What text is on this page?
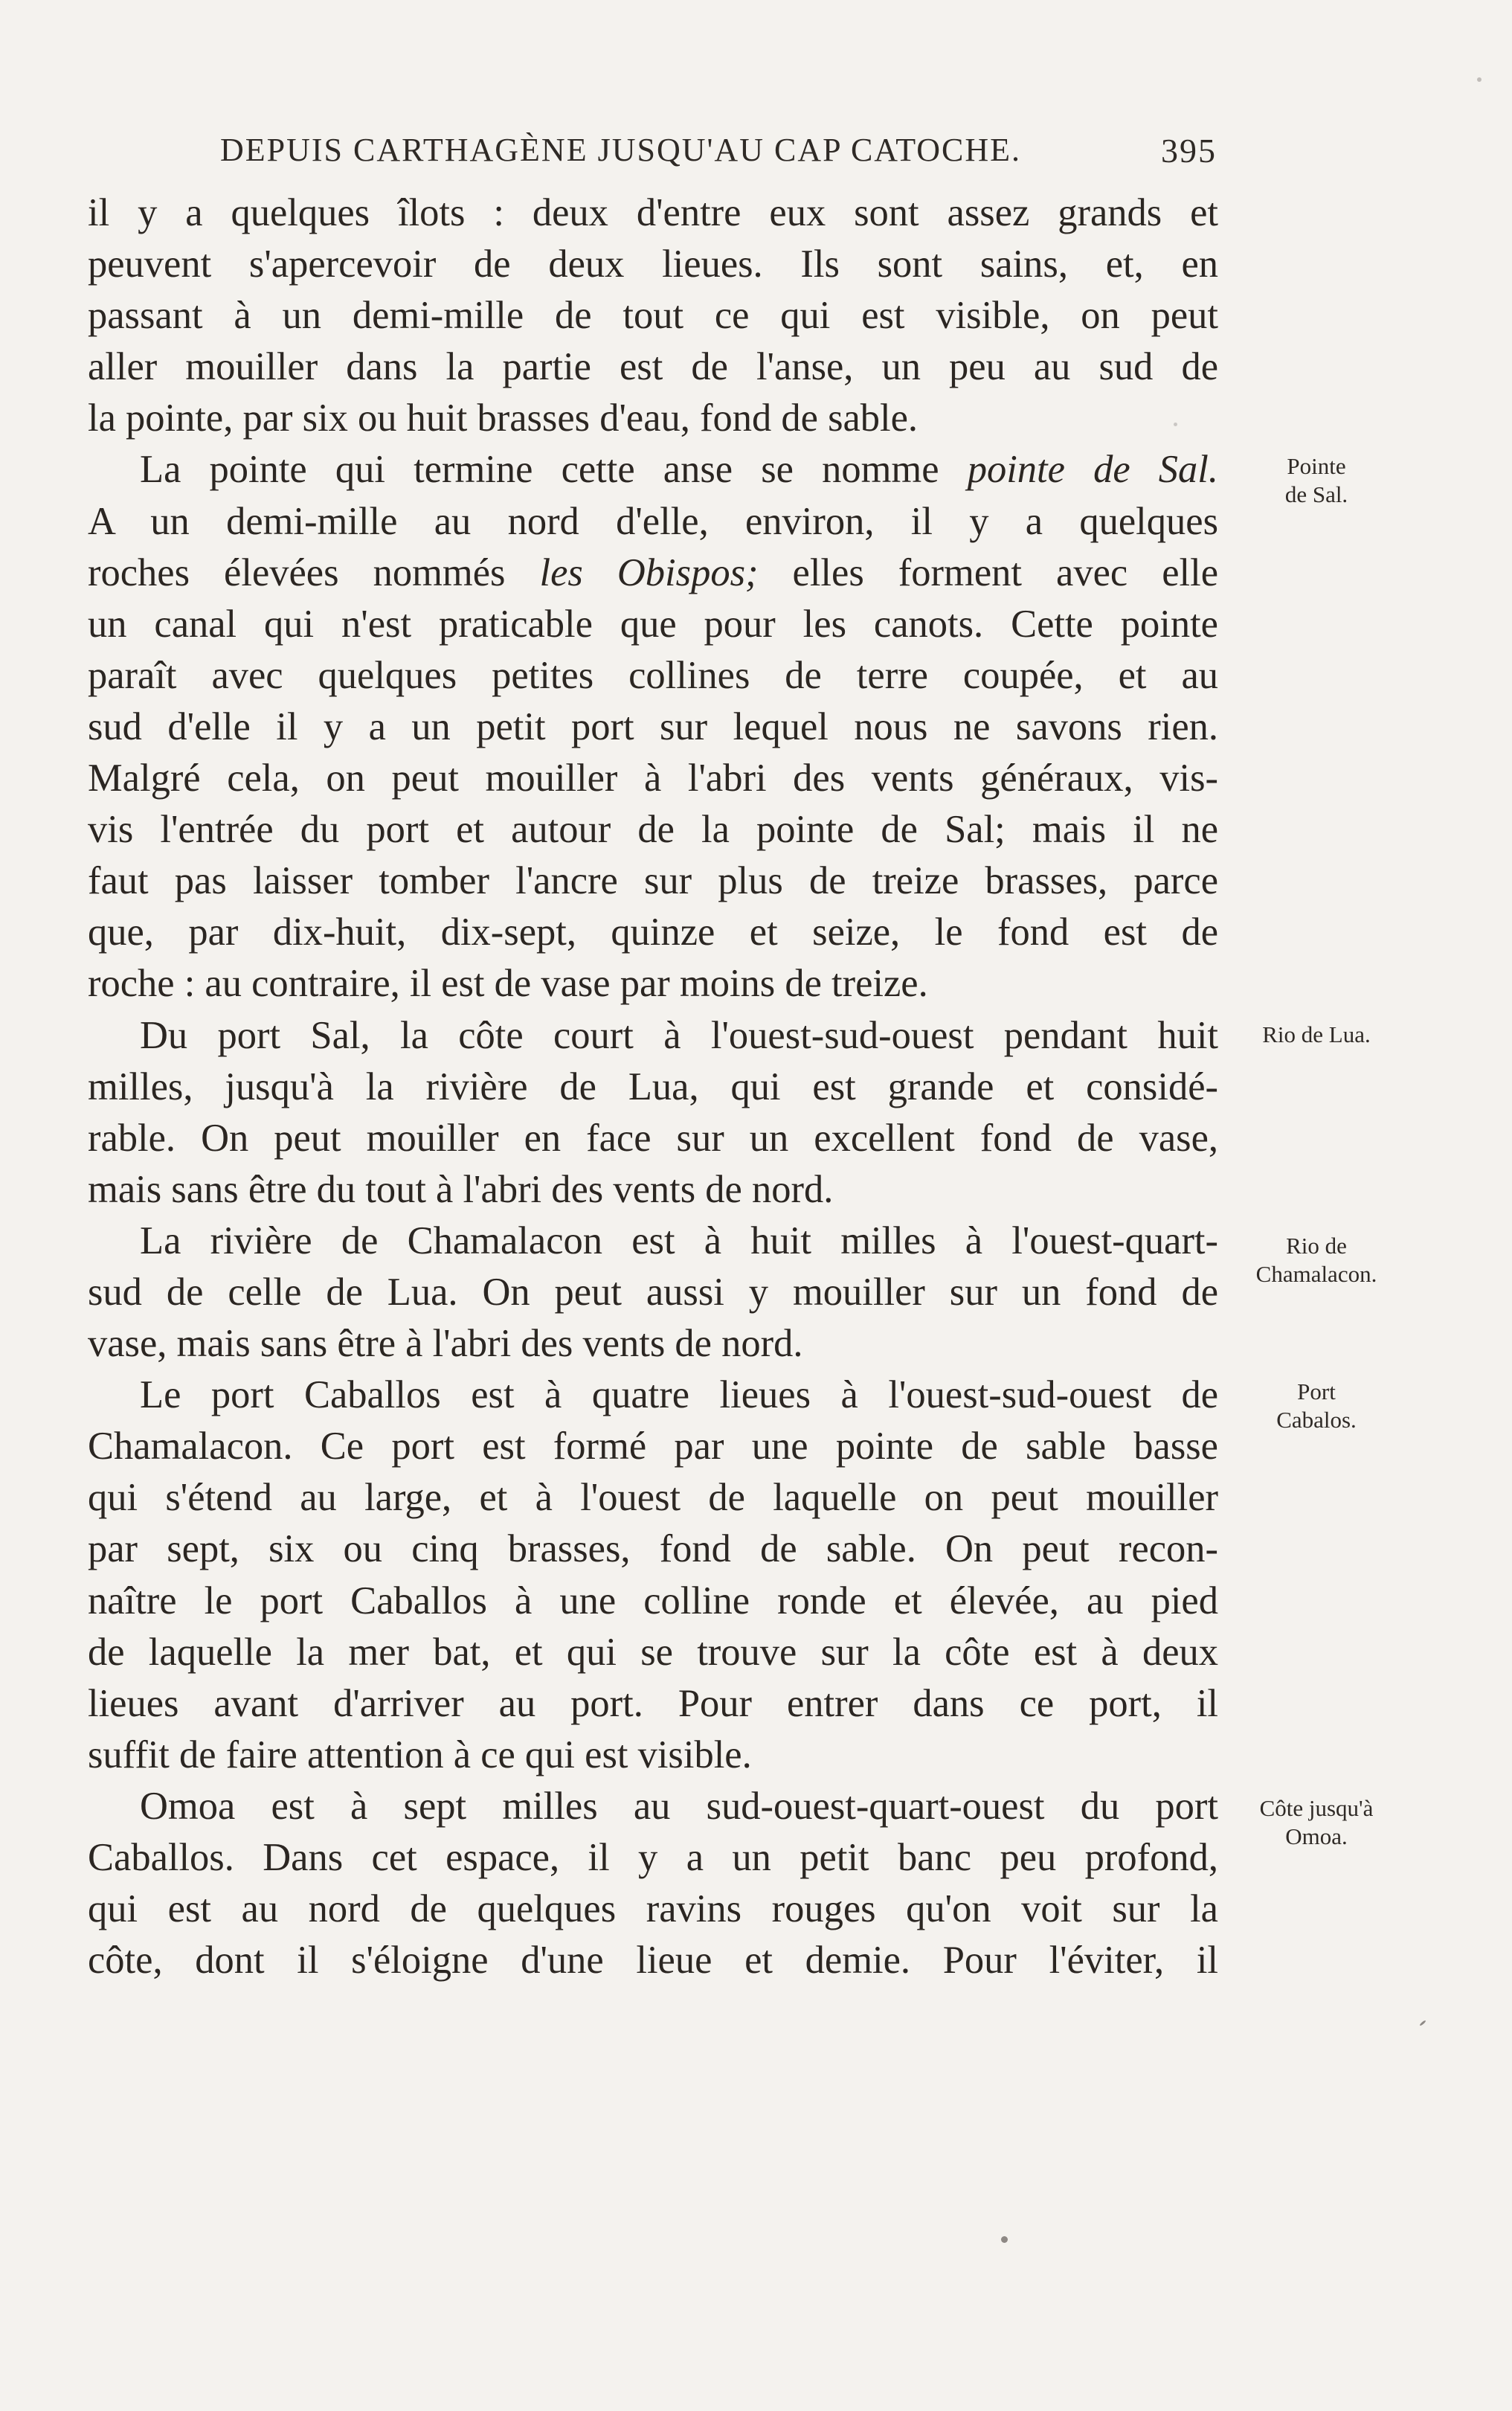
DEPUIS CARTHAGÈNE JUSQU'AU CAP CATOCHE.	395
il y a quelques îlots : deux d'entre eux sont assez grands et
peuvent s'apercevoir de deux lieues. Ils sont sains, et, en
passant à un demi-mille de tout ce qui est visible, on peut
aller mouiller dans la partie est de l'anse, un peu au sud de
la pointe, par six ou huit brasses d'eau, fond de sable.
La pointe qui termine cette anse se nomme pointe de Sal.
A un demi-mille au nord d'elle, environ, il y a quelques
roches élevées nommés les Obispos; elles forment avec elle
un canal qui n'est praticable que pour les canots. Cette pointe
paraît avec quelques petites collines de terre coupée, et au
sud d'elle il y a un petit port sur lequel nous ne savons rien.
Malgré cela, on peut mouiller à l'abri des vents généraux, vis-
vis l'entrée du port et autour de la pointe de Sal; mais il ne
faut pas laisser tomber l'ancre sur plus de treize brasses, parce
que, par dix-huit, dix-sept, quinze et seize, le fond est de
roche : au contraire, il est de vase par moins de treize.
Du port Sal, la côte court à l'ouest-sud-ouest pendant huit
milles, jusqu'à la rivière de Lua, qui est grande et considé-
rable. On peut mouiller en face sur un excellent fond de vase,
mais sans être du tout à l'abri des vents de nord.
La rivière de Chamalacon est à huit milles à l'ouest-quart-
sud de celle de Lua. On peut aussi y mouiller sur un fond de
vase, mais sans être à l'abri des vents de nord.
Le port Caballos est à quatre lieues à l'ouest-sud-ouest de
Chamalacon. Ce port est formé par une pointe de sable basse
qui s'étend au large, et à l'ouest de laquelle on peut mouiller
par sept, six ou cinq brasses, fond de sable. On peut recon-
naître le port Caballos à une colline ronde et élevée, au pied
de laquelle la mer bat, et qui se trouve sur la côte est à deux
lieues avant d'arriver au port. Pour entrer dans ce port, il
suffit de faire attention à ce qui est visible.
Omoa est à sept milles au sud-ouest-quart-ouest du port
Caballos. Dans cet espace, il y a un petit banc peu profond,
qui est au nord de quelques ravins rouges qu'on voit sur la
côte, dont il s'éloigne d'une lieue et demie. Pour l'éviter, il
Pointe
de Sal.
Rio de Lua.
Rio de
Chamalacon.
Port
Cabalos.
Côte jusqu'à
Omoa.
